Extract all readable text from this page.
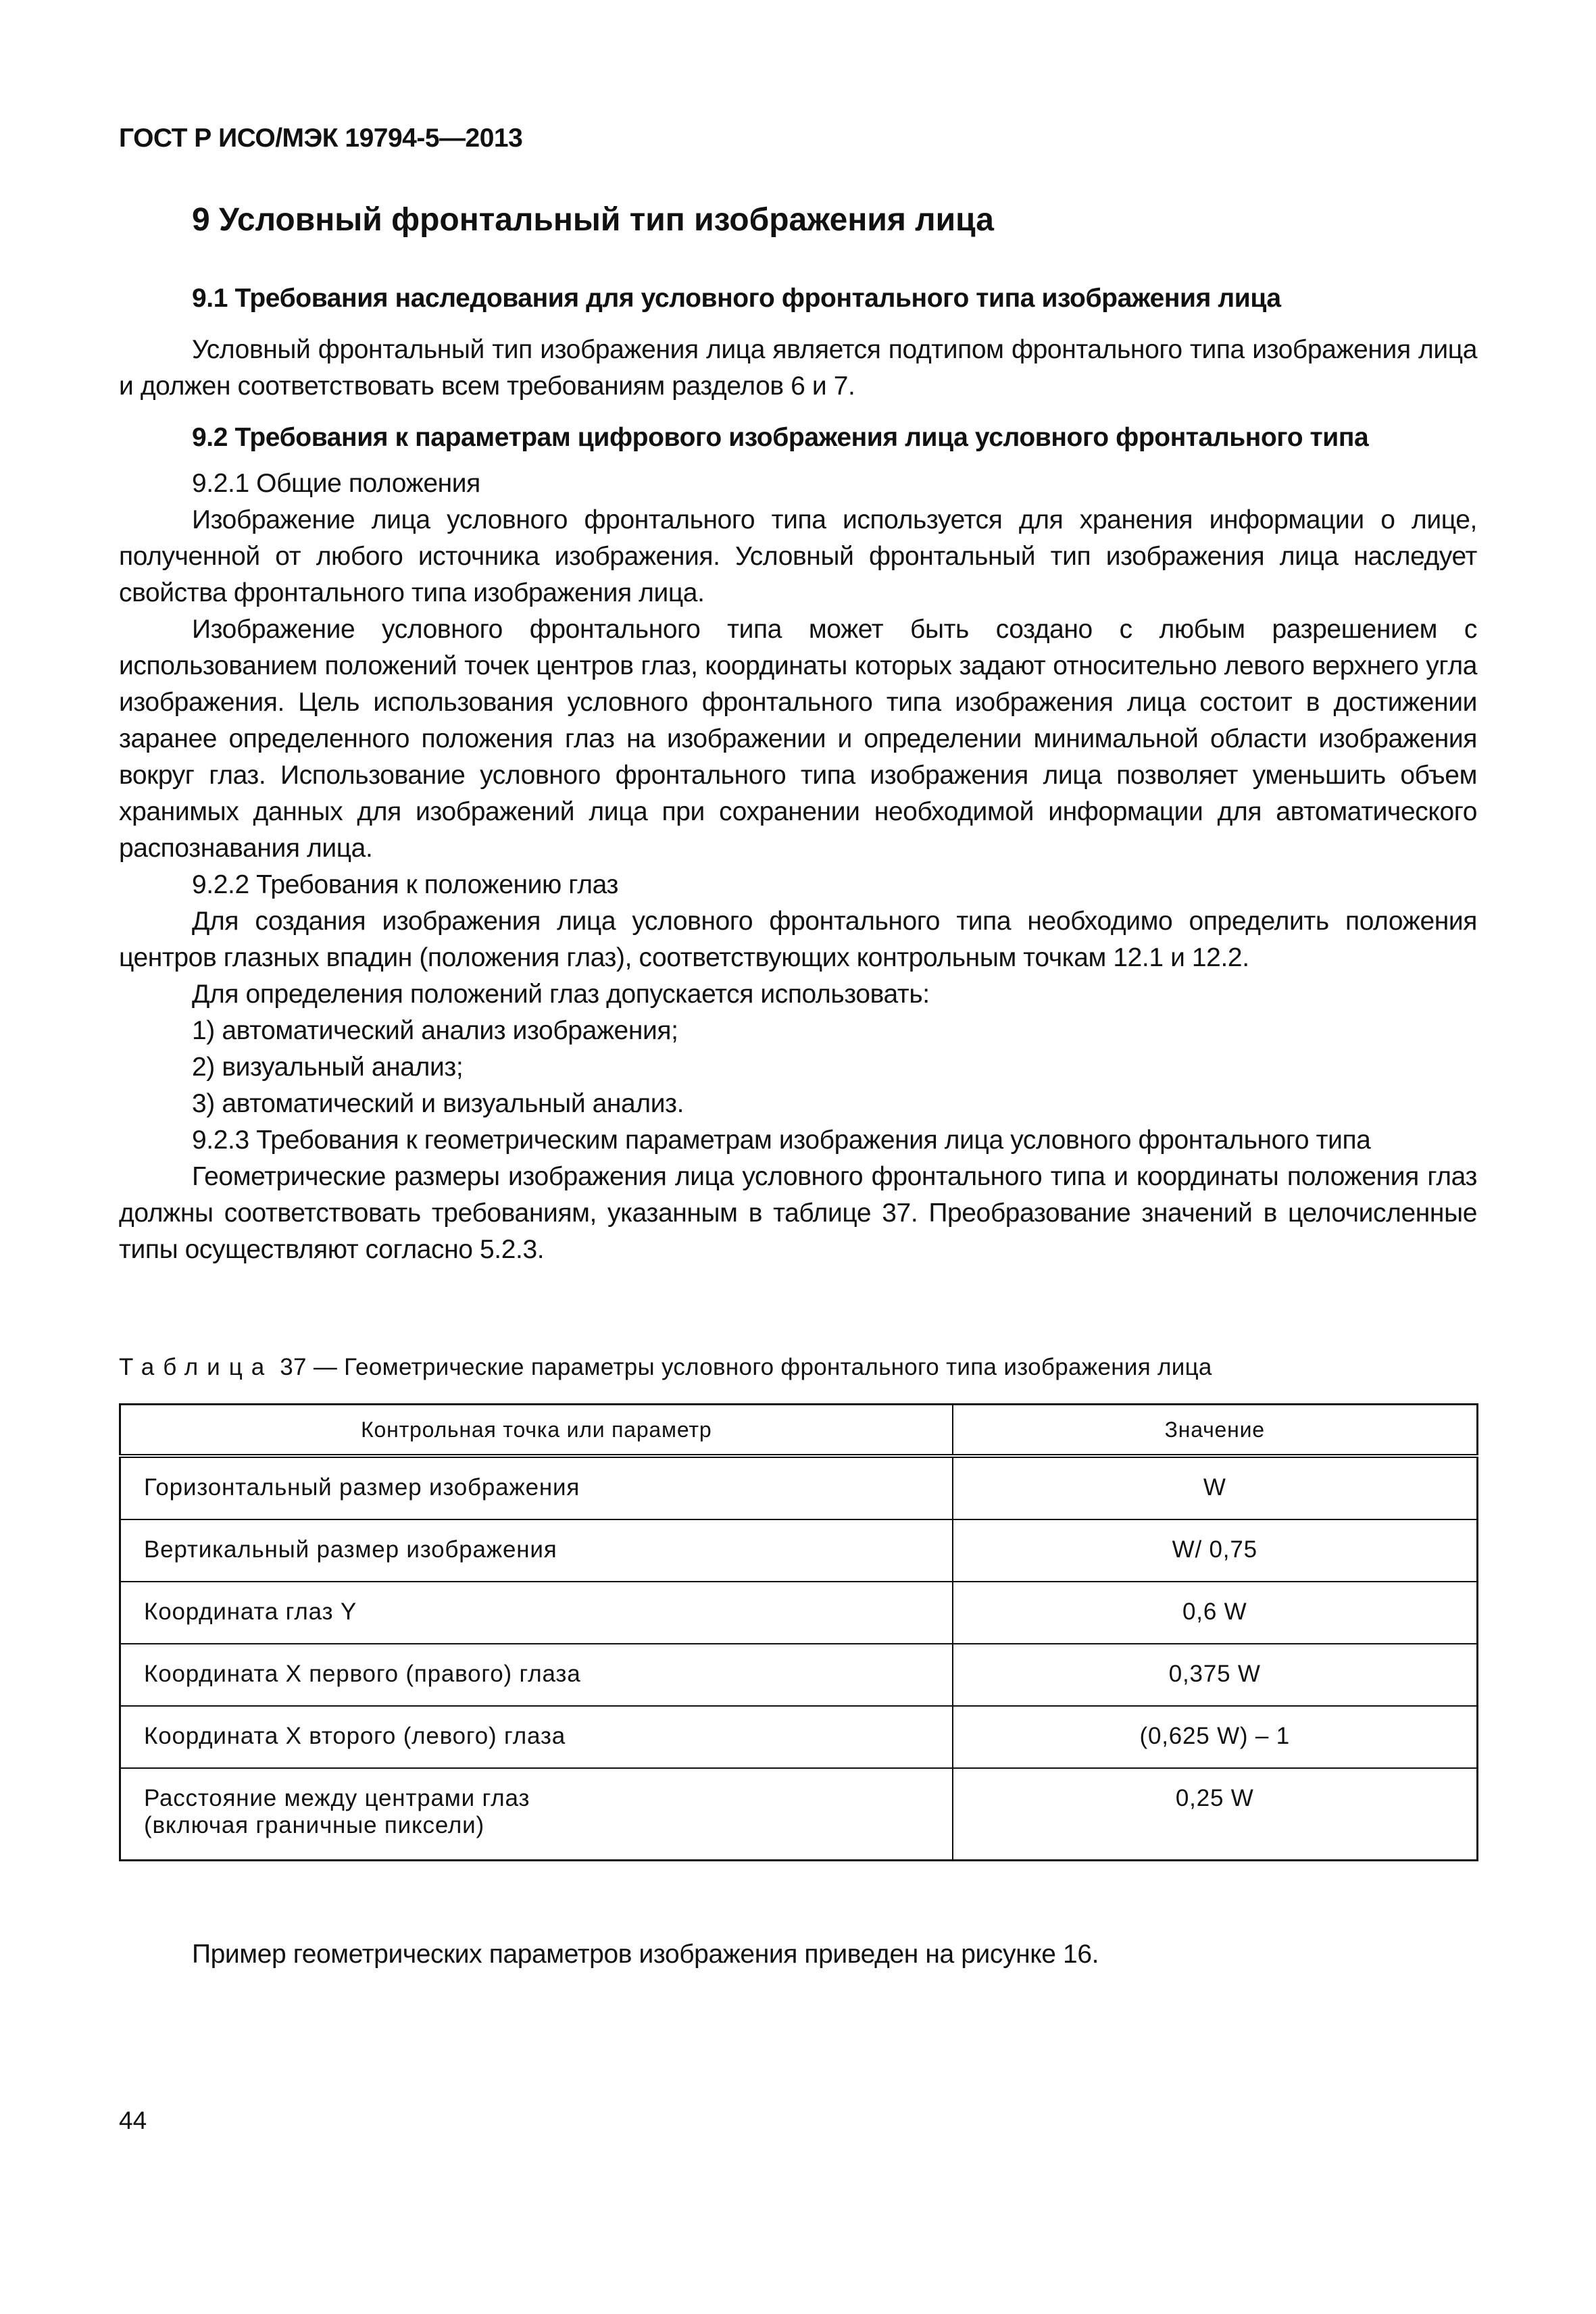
ГОСТ Р ИСО/МЭК 19794-5—2013
9 Условный фронтальный тип изображения лица
9.1 Требования наследования для условного фронтального типа изображения лица

Условный фронтальный тип изображения лица является подтипом фронтального типа изображения лица и должен соответствовать всем требованиям разделов 6 и 7.

9.2 Требования к параметрам цифрового изображения лица условного фронтального типа

9.2.1 Общие положения

Изображение лица условного фронтального типа используется для хранения информации о лице, полученной от любого источника изображения. Условный фронтальный тип изображения лица наследует свойства фронтального типа изображения лица.

Изображение условного фронтального типа может быть создано с любым разрешением с использованием положений точек центров глаз, координаты которых задают относительно левого верхнего угла изображения. Цель использования условного фронтального типа изображения лица состоит в достижении заранее определенного положения глаз на изображении и определении минимальной области изображения вокруг глаз. Использование условного фронтального типа изображения лица позволяет уменьшить объем хранимых данных для изображений лица при сохранении необходимой информации для автоматического распознавания лица.

9.2.2 Требования к положению глаз

Для создания изображения лица условного фронтального типа необходимо определить положения центров глазных впадин (положения глаз), соответствующих контрольным точкам 12.1 и 12.2.

Для определения положений глаз допускается использовать:

1) автоматический анализ изображения;

2) визуальный анализ;

3) автоматический и визуальный анализ.

9.2.3 Требования к геометрическим параметрам изображения лица условного фронтального типа

Геометрические размеры изображения лица условного фронтального типа и координаты положения глаз должны соответствовать требованиям, указанным в таблице 37. Преобразование значений в целочисленные типы осуществляют согласно 5.2.3.

Таблица 37 — Геометрические параметры условного фронтального типа изображения лица
Контрольная точка или параметр	Значение
Горизонтальный размер изображения	W
Вертикальный размер изображения	W/ 0,75
Координата глаз Y	0,6 W
Координата X первого (правого) глаза	0,375 W
Координата X второго (левого) глаза	(0,625 W) – 1

Расстояние между центрами глаз
(включая граничные пиксели)	0,25 W
Пример геометрических параметров изображения приведен на рисунке 16.
44
